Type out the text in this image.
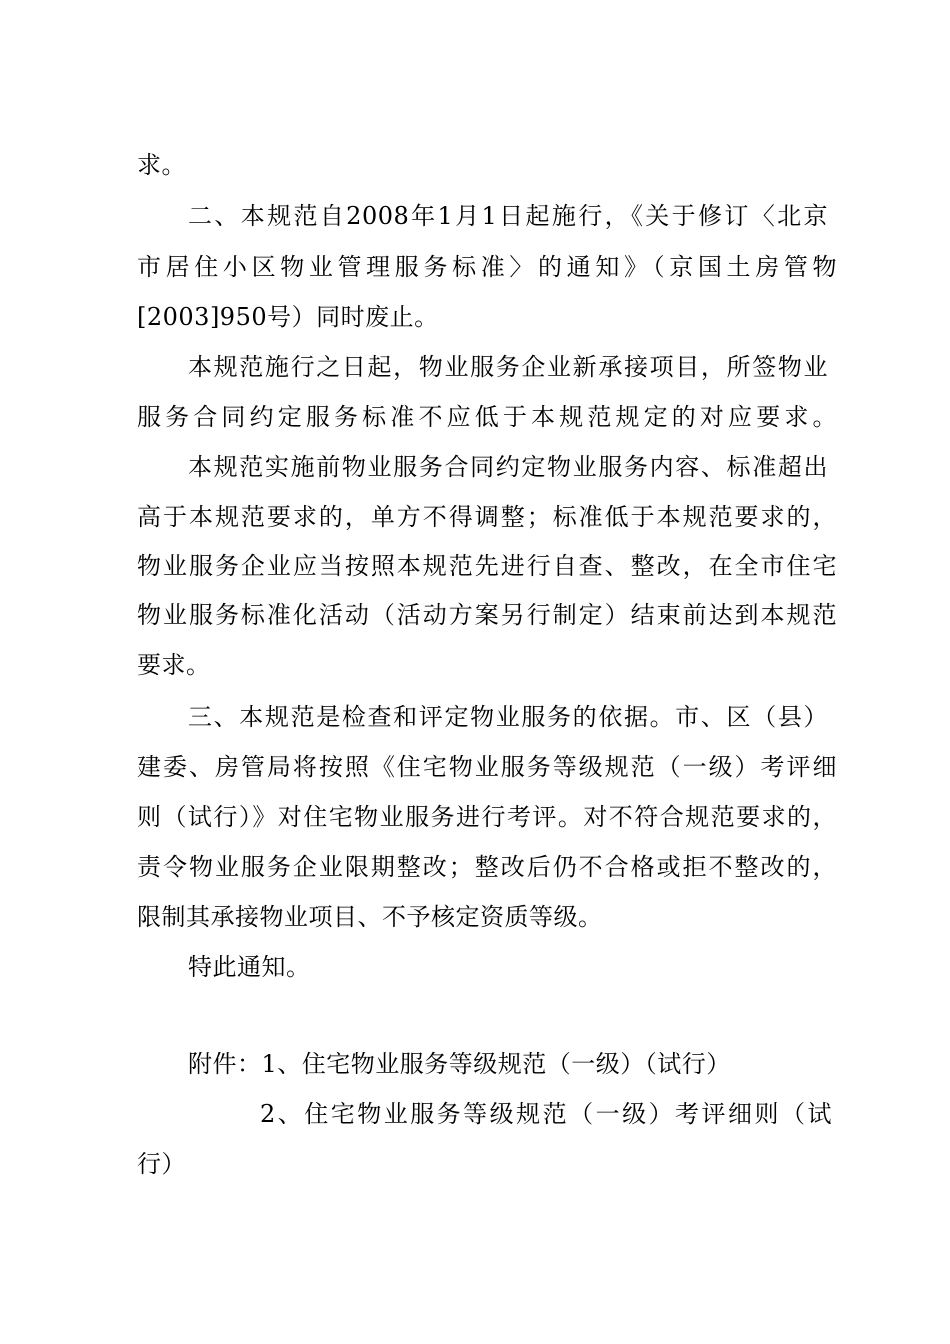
求。
二、本规范自2008年1月1日起施行，《关于修订〈北京
市居住小区物业管理服务标准〉的通知》（京国土房管物
[2003]950号）同时废止。
本规范施行之日起，物业服务企业新承接项目，所签物业
服务合同约定服务标准不应低于本规范规定的对应要求。
本规范实施前物业服务合同约定物业服务内容、标准超出
高于本规范要求的，单方不得调整；标准低于本规范要求的，
物业服务企业应当按照本规范先进行自查、整改，在全市住宅
物业服务标准化活动（活动方案另行制定）结束前达到本规范
要求。
三、本规范是检查和评定物业服务的依据。市、区（县）
建委、房管局将按照《住宅物业服务等级规范（一级）考评细
则（试行）》对住宅物业服务进行考评。对不符合规范要求的，
责令物业服务企业限期整改；整改后仍不合格或拒不整改的，
限制其承接物业项目、不予核定资质等级。
特此通知。
附件：1、住宅物业服务等级规范（一级）（试行）
2、住宅物业服务等级规范（一级）考评细则（试
行）
